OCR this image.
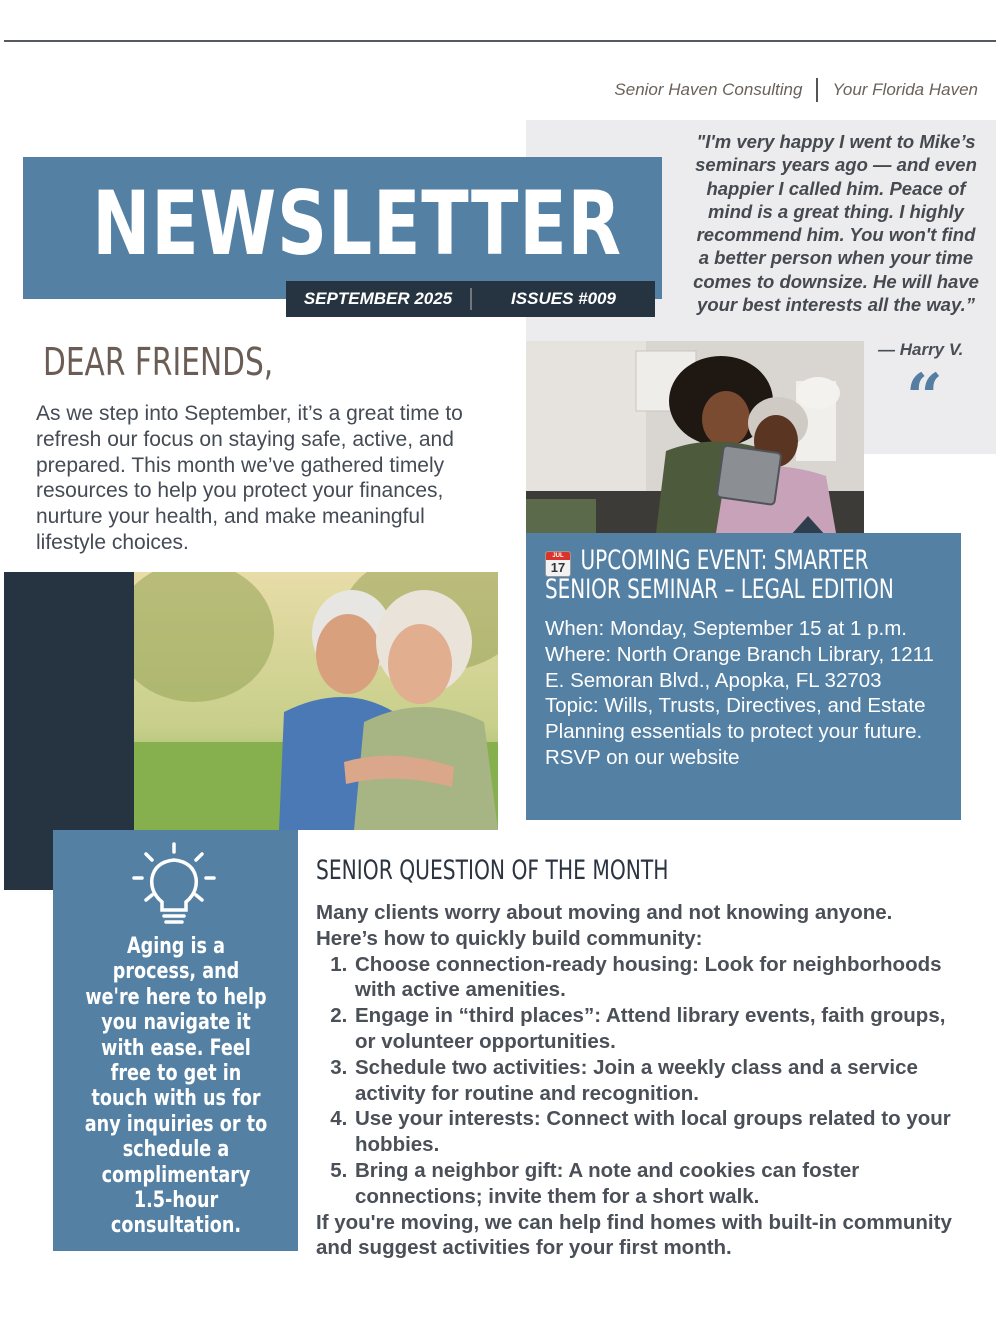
Senior Haven Consulting Your Florida Haven
"I'm very happy I went to Mike’s seminars years ago — and even happier I called him. Peace of mind is a great thing. I highly recommend him. You won't find a better person when your time comes to downsize. He will have your best interests all the way.”
— Harry V.
“
NEWSLETTER
SEPTEMBER 2025	ISSUES #009
DEAR FRIENDS,
As we step into September, it’s a great time to refresh our focus on staying safe, active, and prepared. This month we’ve gathered timely resources to help you protect your finances, nurture your health, and make meaningful lifestyle choices.
JUL
17 UPCOMING EVENT: SMARTER SENIOR SEMINAR – LEGAL EDITION
When: Monday, September 15 at 1 p.m.
Where: North Orange Branch Library, 1211 E. Semoran Blvd., Apopka, FL 32703
Topic: Wills, Trusts, Directives, and Estate Planning essentials to protect your future. RSVP on our website
Aging is a process, and we're here to help you navigate it with ease. Feel free to get in touch with us for any inquiries or to schedule a complimentary 1.5-hour consultation.
407-340-5291
MikeF@yourfloridahaven.com
SENIOR QUESTION OF THE MONTH
Many clients worry about moving and not knowing anyone. Here’s how to quickly build community:
1. Choose connection-ready housing: Look for neighborhoods with active amenities.
2. Engage in “third places”: Attend library events, faith groups, or volunteer opportunities.
3. Schedule two activities: Join a weekly class and a service activity for routine and recognition.
4. Use your interests: Connect with local groups related to your hobbies.
5. Bring a neighbor gift: A note and cookies can foster connections; invite them for a short walk.
If you're moving, we can help find homes with built-in community and suggest activities for your first month.
